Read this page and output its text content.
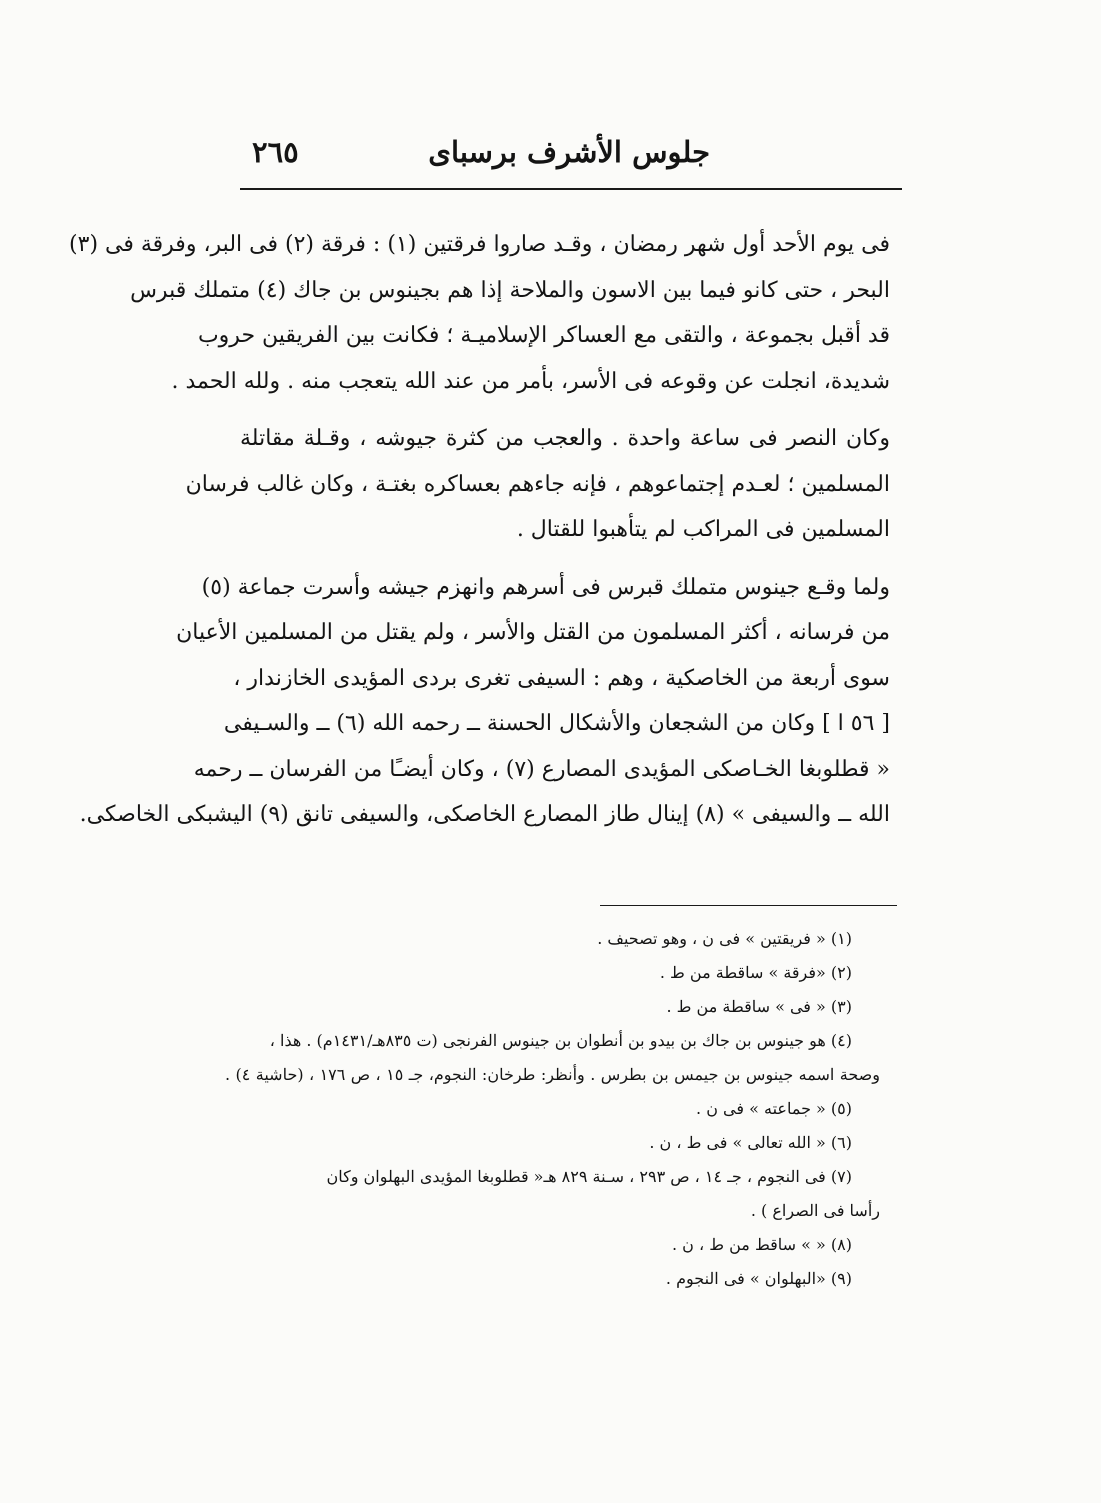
جلوس الأشرف برسباى
٢٦٥
فى يوم الأحد أول شهر رمضان ، وقـد صاروا فرقتين (١) : فرقة (٢) فى البر، وفرقة فى (٣)
البحر ، حتى كانو فيما بين الاسون والملاحة إذا هم بجينوس بن جاك (٤) متملك قبرس
قد أقبل بجموعة ، والتقى مع العساكر الإسلاميـة ؛ فكانت بين الفريقين حروب
شديدة، انجلت عن وقوعه فى الأسر، بأمر من عند الله يتعجب منه . ولله الحمد .
وكان النصر فى ساعة واحدة . والعجب من كثرة جيوشه ، وقـلة مقاتلة
المسلمين ؛ لعـدم إجتماعوهم ، فإنه جاءهم بعساكره بغتـة ، وكان غالب فرسان
المسلمين فى المراكب لم يتأهبوا للقتال .
ولما وقـع جينوس متملك قبرس فى أسرهم وانهزم جيشه وأسرت جماعة (٥)
من فرسانه ، أكثر المسلمون من القتل والأسر ، ولم يقتل من المسلمين الأعيان
سوى أربعة من الخاصكية ، وهم : السيفى تغرى بردى المؤيدى الخازندار ،
[ ٥٦ ا ] وكان من الشجعان والأشكال الحسنة ــ رحمه الله (٦) ــ والسـيفى
« قطلوبغا الخـاصكى المؤيدى المصارع (٧) ، وكان أيضـًا من الفرسان ــ رحمه
الله ــ والسيفى » (٨) إينال طاز المصارع الخاصكى، والسيفى تانق (٩) اليشبكى الخاصكى.
(١) « فريقتين » فى ن ، وهو تصحيف .
(٢) «فرقة » ساقطة من ط .
(٣) « فى » ساقطة من ط .
(٤) هو جينوس بن جاك بن بيدو بن أنطوان بن جينوس الفرنجى (ت ٨٣٥هـ/١٤٣١م) . هذا ،
وصحة اسمه جينوس بن جيمس بن بطرس . وأنظر: طرخان: النجوم، جـ ١٥ ، ص ١٧٦ ، (حاشية ٤) .
(٥) « جماعته » فى ن .
(٦) « الله تعالى » فى ط ، ن .
(٧) فى النجوم ، جـ ١٤ ، ص ٢٩٣ ، سـنة ٨٢٩ هـ« قطلوبغا المؤيدى البهلوان وكان
رأسا فى الصراع ) .
(٨) « » ساقط من ط ، ن .
(٩) «البهلوان » فى النجوم .
